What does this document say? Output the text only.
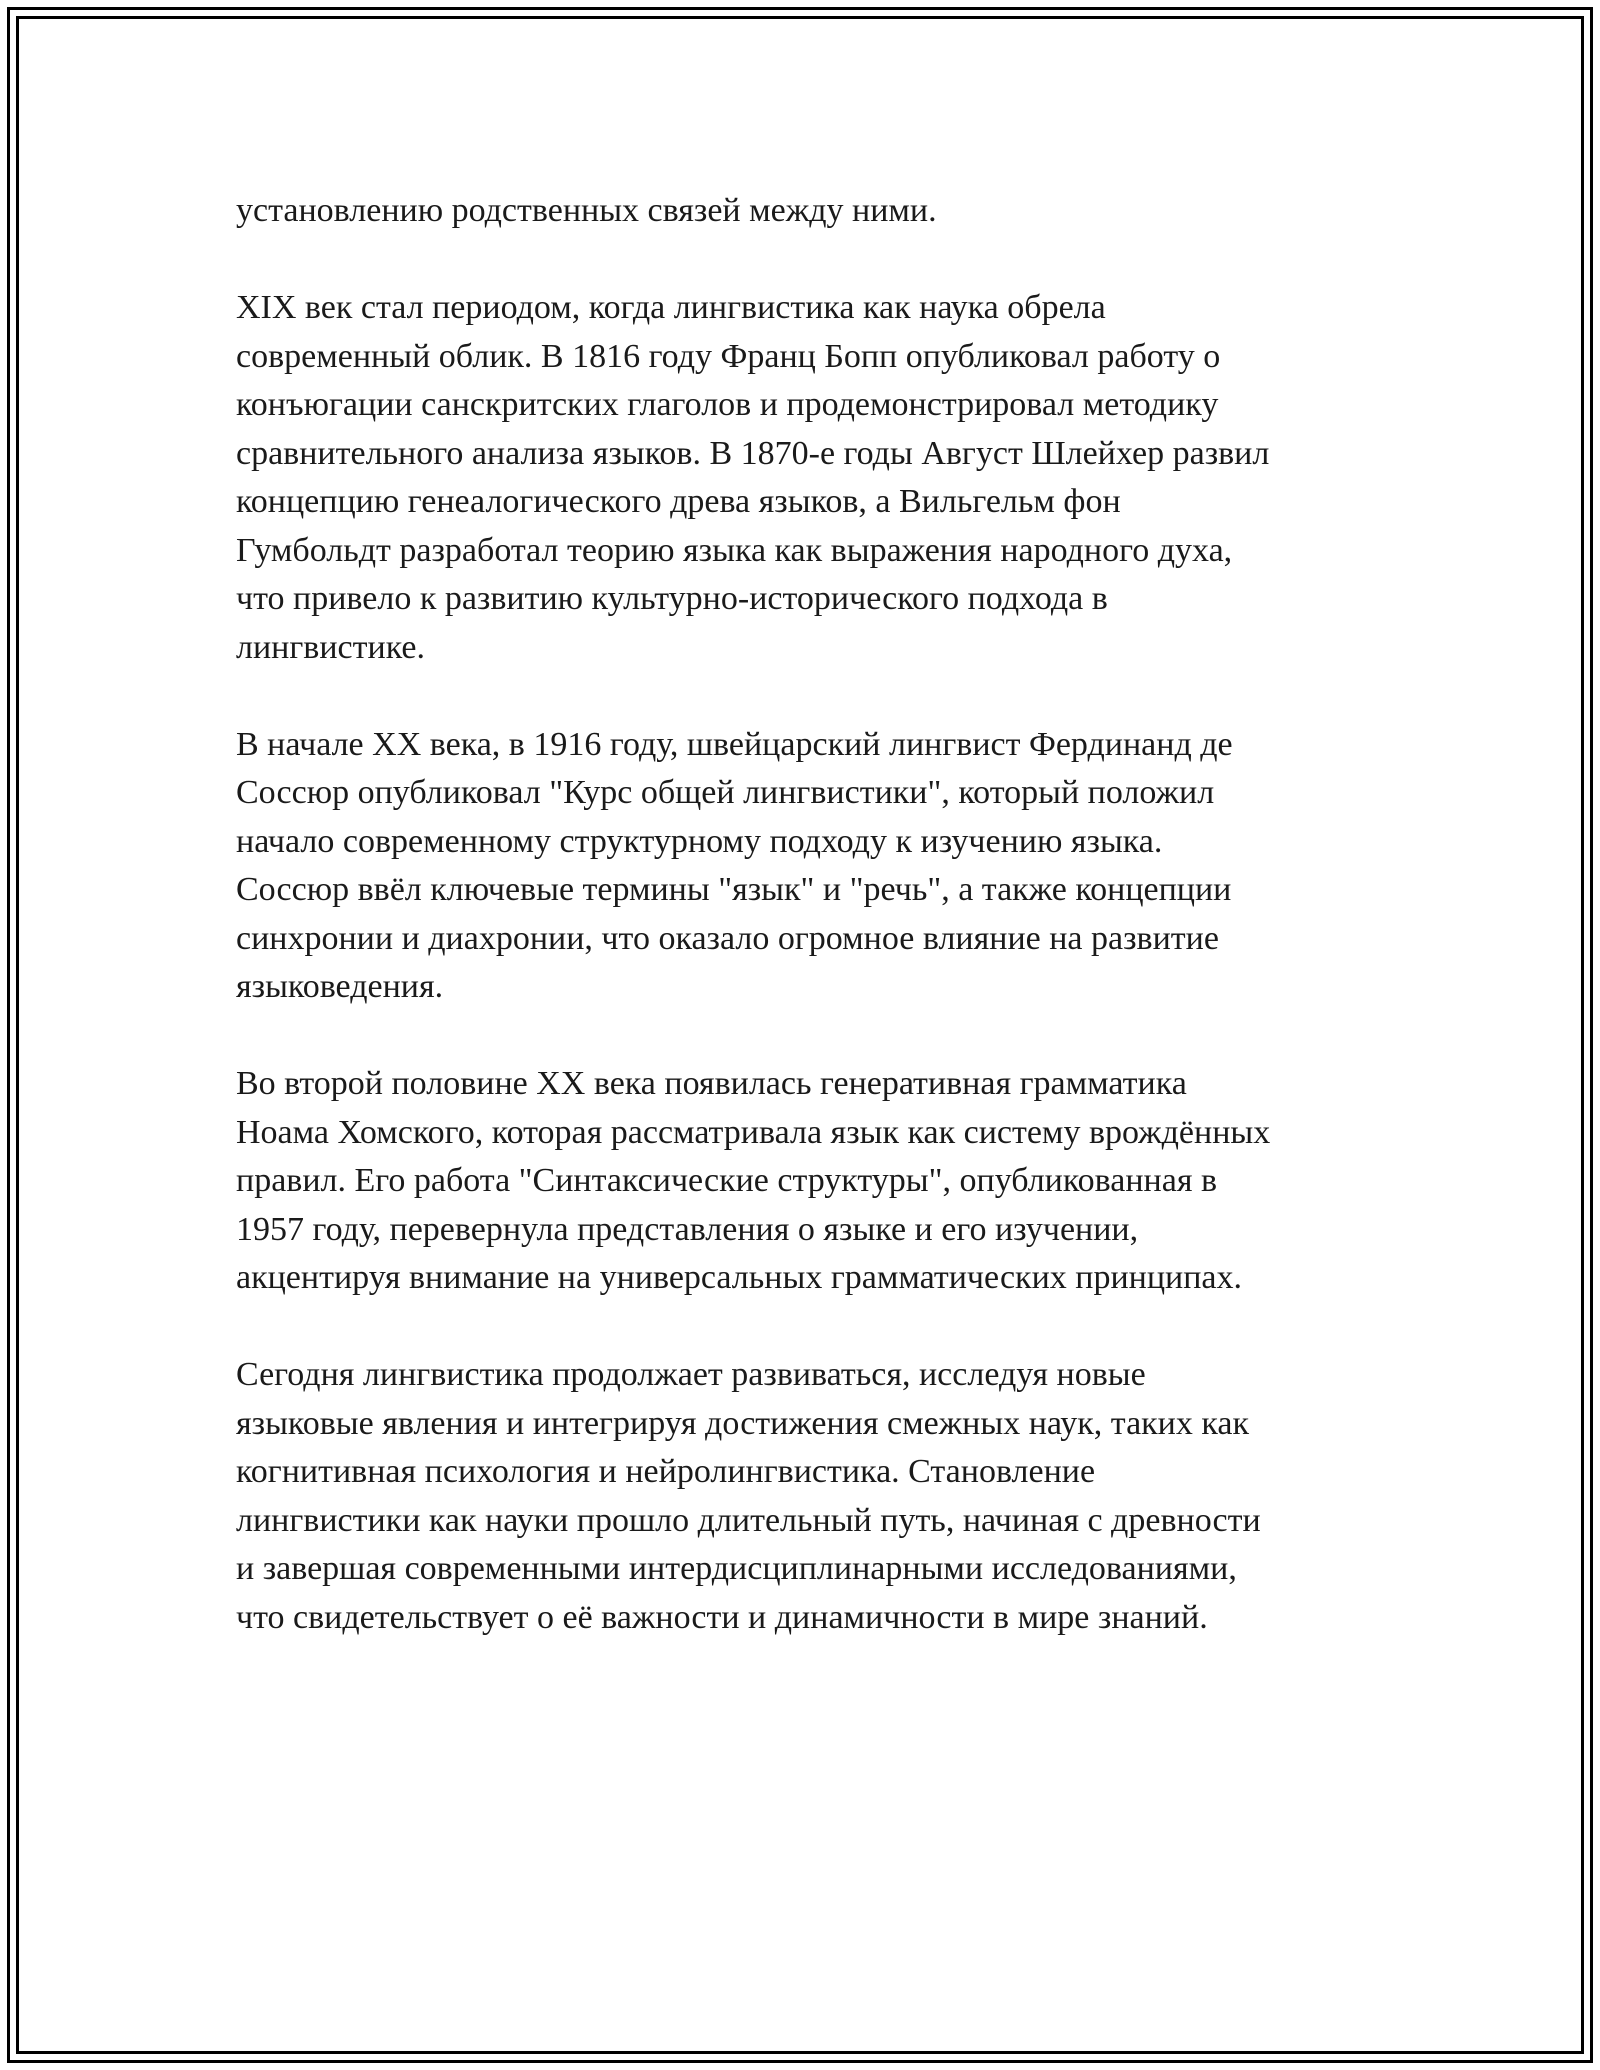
установлению родственных связей между ними.
XIX век стал периодом, когда лингвистика как наука обрела
современный облик. В 1816 году Франц Бопп опубликовал работу о
конъюгации санскритских глаголов и продемонстрировал методику
сравнительного анализа языков. В 1870-е годы Август Шлейхер развил
концепцию генеалогического древа языков, а Вильгельм фон
Гумбольдт разработал теорию языка как выражения народного духа,
что привело к развитию культурно-исторического подхода в
лингвистике.
В начале XX века, в 1916 году, швейцарский лингвист Фердинанд де
Соссюр опубликовал "Курс общей лингвистики", который положил
начало современному структурному подходу к изучению языка.
Соссюр ввёл ключевые термины "язык" и "речь", а также концепции
синхронии и диахронии, что оказало огромное влияние на развитие
языковедения.
Во второй половине XX века появилась генеративная грамматика
Ноама Хомского, которая рассматривала язык как систему врождённых
правил. Его работа "Синтаксические структуры", опубликованная в
1957 году, перевернула представления о языке и его изучении,
акцентируя внимание на универсальных грамматических принципах.
Сегодня лингвистика продолжает развиваться, исследуя новые
языковые явления и интегрируя достижения смежных наук, таких как
когнитивная психология и нейролингвистика. Становление
лингвистики как науки прошло длительный путь, начиная с древности
и завершая современными интердисциплинарными исследованиями,
что свидетельствует о её важности и динамичности в мире знаний.
